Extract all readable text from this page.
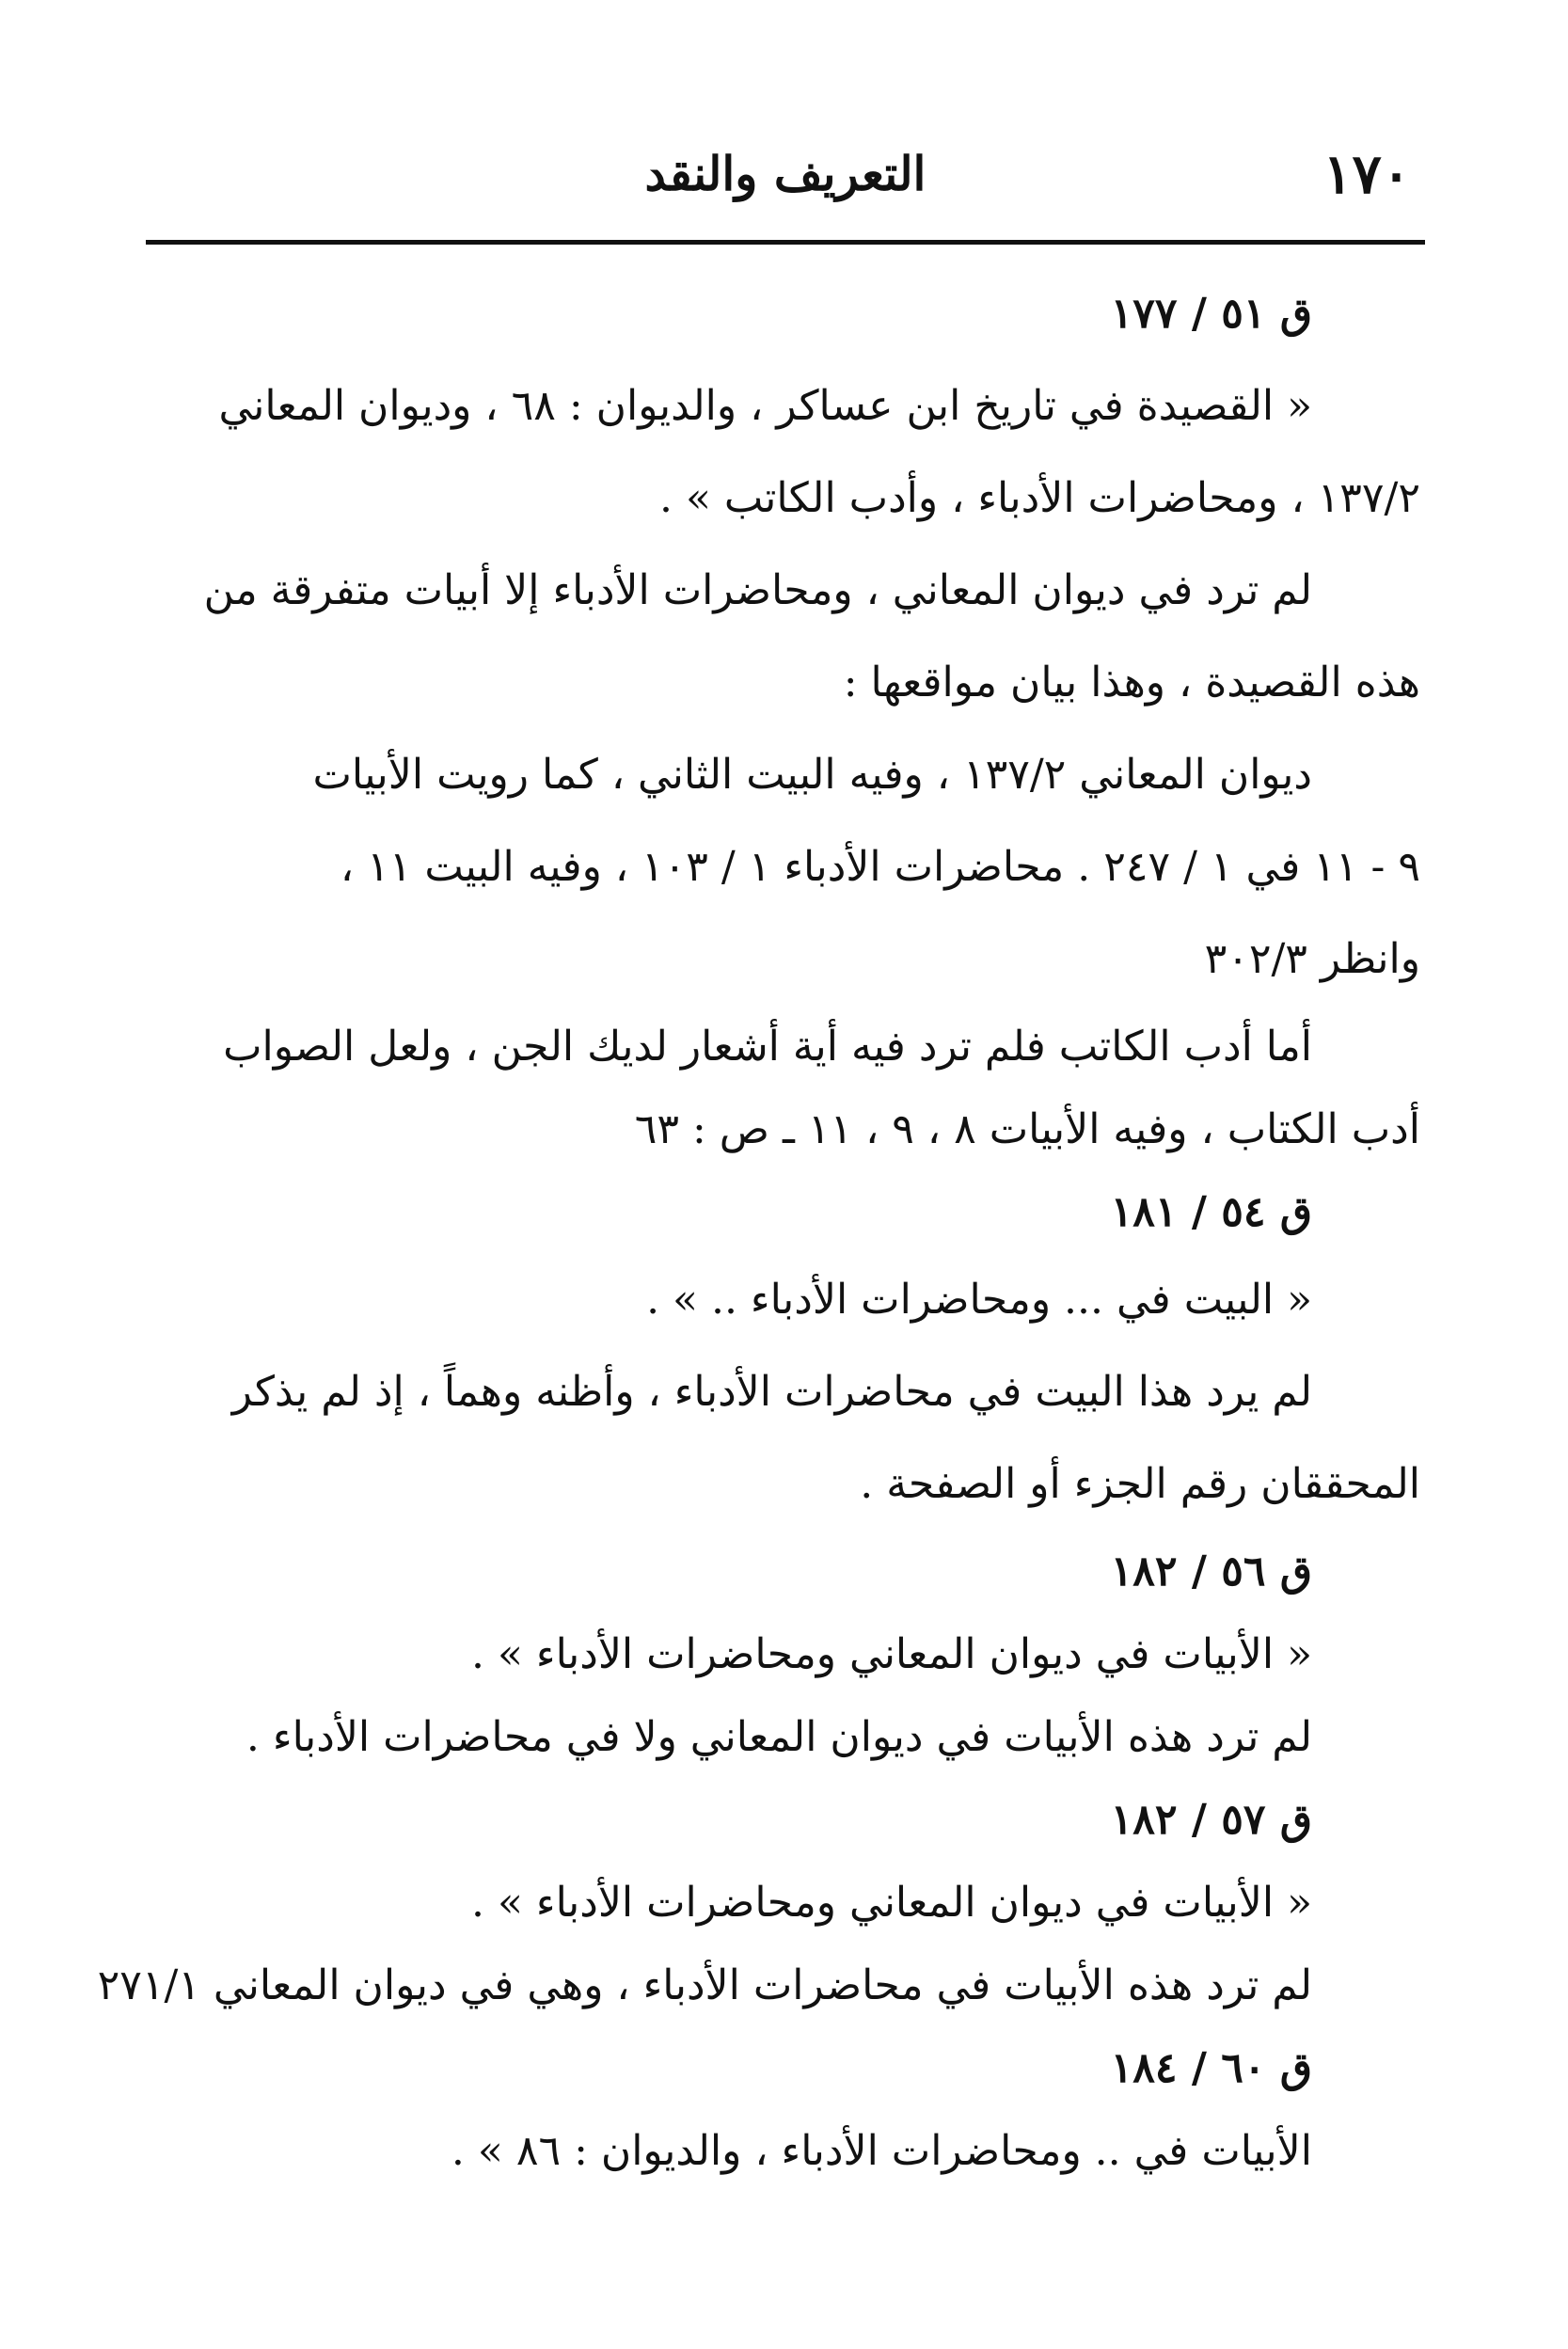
١٧٠
التعريف والنقد
ق ٥١ / ١٧٧
« القصيدة في تاريخ ابن عساكر ، والديوان : ٦٨ ، وديوان المعاني
١٣٧/٢ ، ومحاضرات الأدباء ، وأدب الكاتب » .
لم ترد في ديوان المعاني ، ومحاضرات الأدباء إلا أبيات متفرقة من
هذه القصيدة ، وهذا بيان مواقعها :
ديوان المعاني ١٣٧/٢ ، وفيه البيت الثاني ، كما رويت الأبيات
٩ - ١١ في ١ / ٢٤٧ . محاضرات الأدباء ١ / ١٠٣ ، وفيه البيت ١١ ،
وانظر ٣٠٢/٣
أما أدب الكاتب فلم ترد فيه أية أشعار لديك الجن ، ولعل الصواب
أدب الكتاب ، وفيه الأبيات ٨ ، ٩ ، ١١ ـ ص : ٦٣
ق ٥٤ / ١٨١
« البيت في ... ومحاضرات الأدباء .. » .
لم يرد هذا البيت في محاضرات الأدباء ، وأظنه وهماً ، إذ لم يذكر
المحققان رقم الجزء أو الصفحة .
ق ٥٦ / ١٨٢
« الأبيات في ديوان المعاني ومحاضرات الأدباء » .
لم ترد هذه الأبيات في ديوان المعاني ولا في محاضرات الأدباء .
ق ٥٧ / ١٨٢
« الأبيات في ديوان المعاني ومحاضرات الأدباء » .
لم ترد هذه الأبيات في محاضرات الأدباء ، وهي في ديوان المعاني ٢٧١/١
ق ٦٠ / ١٨٤
الأبيات في .. ومحاضرات الأدباء ، والديوان : ٨٦ » .
